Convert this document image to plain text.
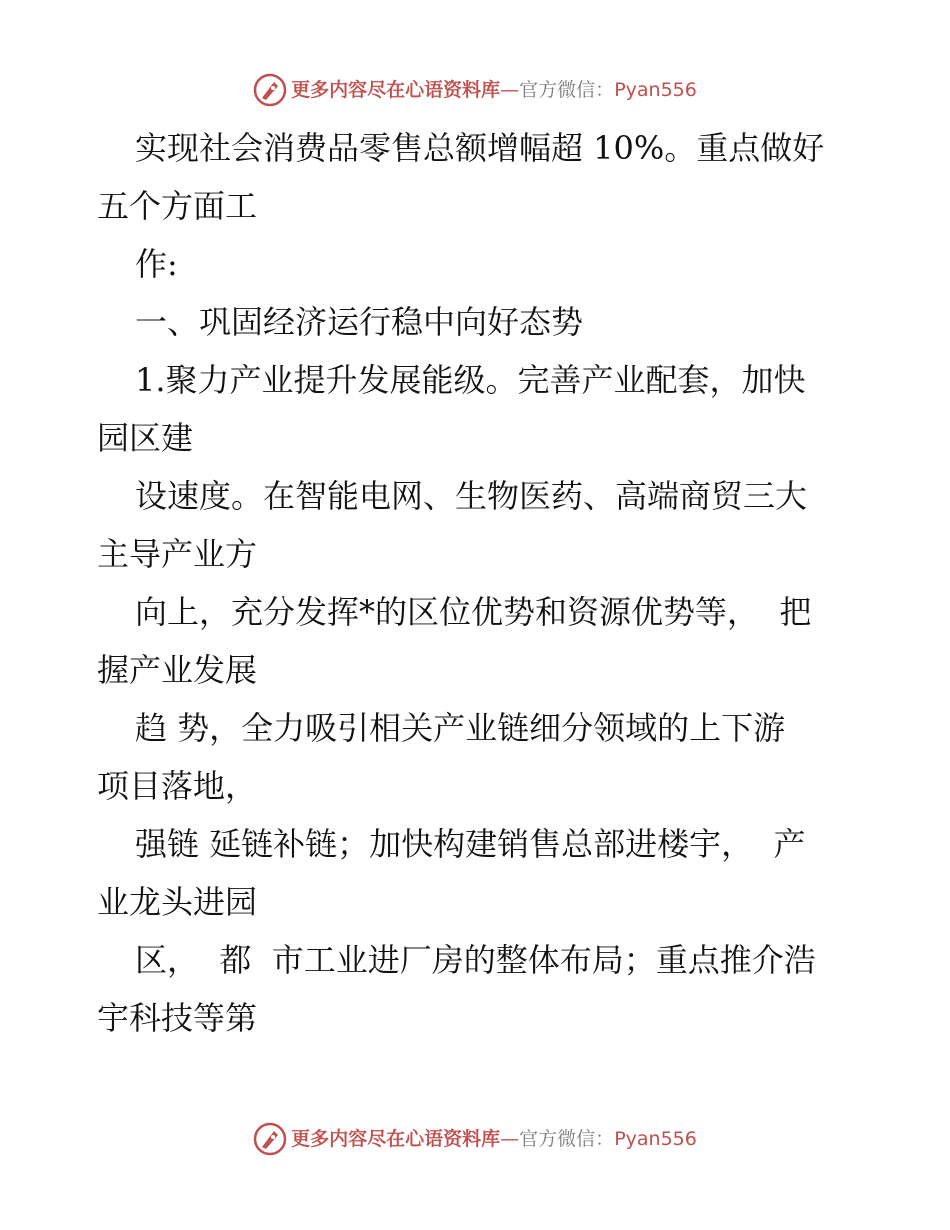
更多内容尽在心语资料库 — 官方微信： Pyan556
实现社会消费品零售总额增幅超 10%。重点做好
五个方面工
作:
一、巩固经济运行稳中向好态势
1.聚力产业提升发展能级。完善产业配套，加快
园区建
设速度。在智能电网、生物医药、高端商贸三大
主导产业方
向上，充分发挥*的区位优势和资源优势等，  把
握产业发展
趋 势，全力吸引相关产业链细分领域的上下游
项目落地，
强链 延链补链；加快构建销售总部进楼宇，  产
业龙头进园
区，  都  市工业进厂房的整体布局；重点推介浩
宇科技等第
更多内容尽在心语资料库 — 官方微信： Pyan556
